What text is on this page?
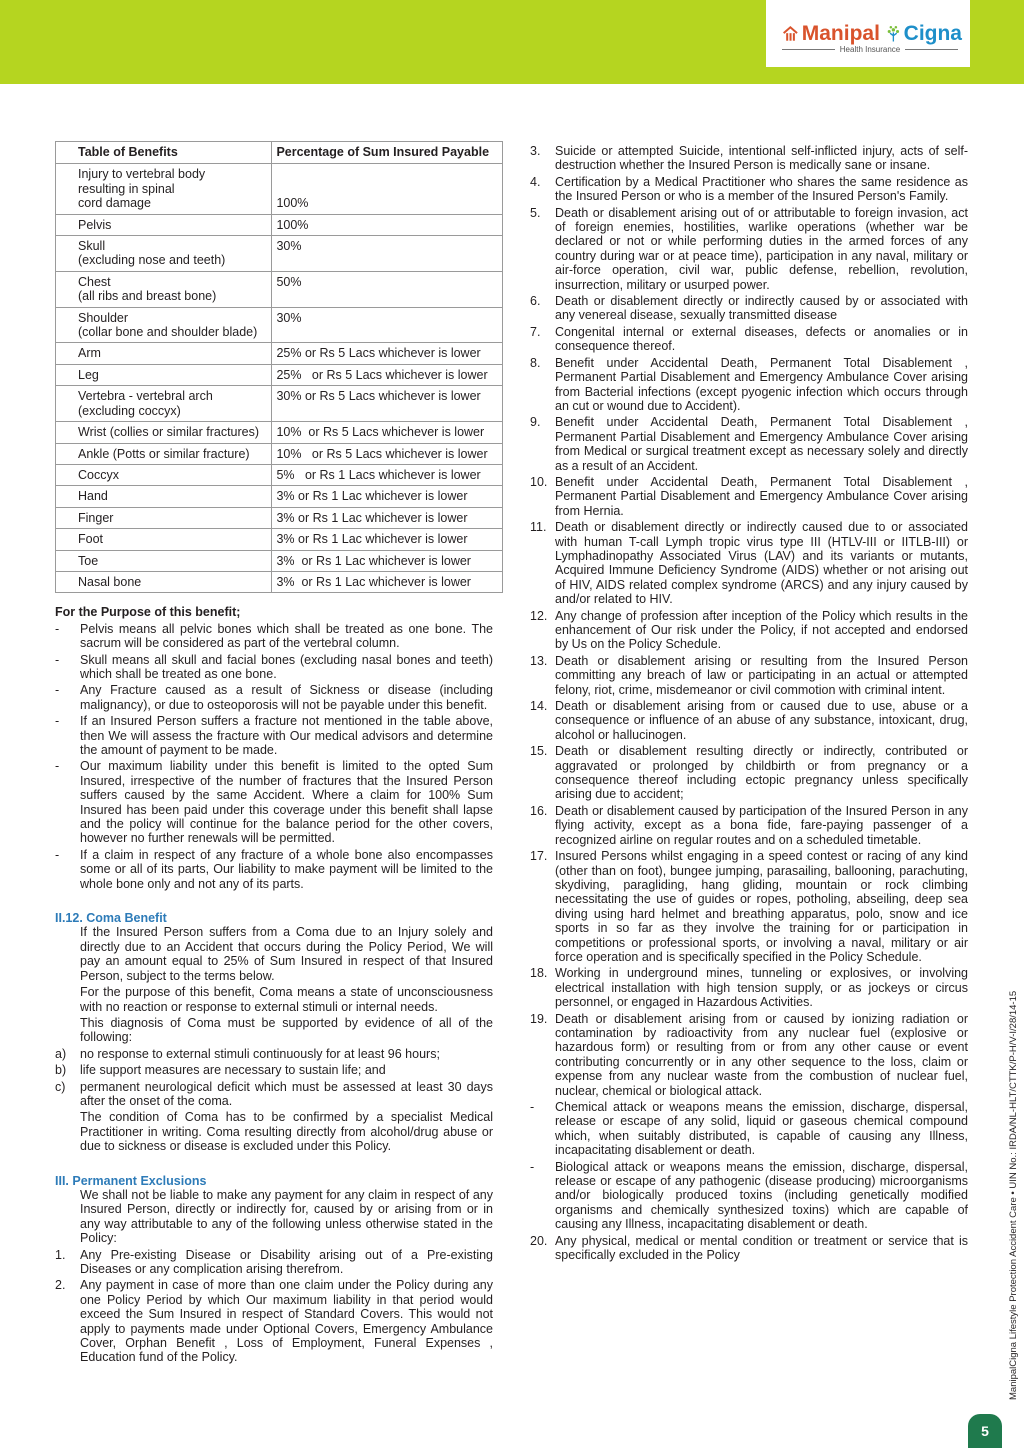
Manipal Cigna
Health Insurance
Table of Benefits	Percentage of Sum Insured Payable
Injury to vertebral body
resulting in spinal
cord damage	100%
Pelvis	100%
Skull
(excluding nose and teeth)	30%
Chest
(all ribs and breast bone)	50%
Shoulder
(collar bone and shoulder blade)	30%
Arm	25% or Rs 5 Lacs whichever is lower
Leg	25%   or Rs 5 Lacs whichever is lower
Vertebra - vertebral arch
(excluding coccyx)	30% or Rs 5 Lacs whichever is lower
Wrist (collies or similar fractures)	10%  or Rs 5 Lacs whichever is lower
Ankle (Potts or similar fracture)	10%   or Rs 5 Lacs whichever is lower
Coccyx	5%   or Rs 1 Lacs whichever is lower
Hand	3% or Rs 1 Lac whichever is lower
Finger	3% or Rs 1 Lac whichever is lower
Foot	3% or Rs 1 Lac whichever is lower
Toe	3%  or Rs 1 Lac whichever is lower
Nasal bone	3%  or Rs 1 Lac whichever is lower
For the Purpose of this benefit;
- Pelvis means all pelvic bones which shall be treated as one bone. The sacrum will be considered as part of the vertebral column.
- Skull means all skull and facial bones (excluding nasal bones and teeth) which shall be treated as one bone.
- Any Fracture caused as a result of Sickness or disease (including malignancy), or due to osteoporosis will not be payable under this benefit.
- If an Insured Person suffers a fracture not mentioned in the table above, then We will assess the fracture with Our medical advisors and determine the amount of payment to be made.
- Our maximum liability under this benefit is limited to the opted Sum Insured, irrespective of the number of fractures that the Insured Person suffers caused by the same Accident. Where a claim for 100% Sum Insured has been paid under this coverage under this benefit shall lapse and the policy will continue for the balance period for the other covers, however no further renewals will be permitted.
- If a claim in respect of any fracture of a whole bone also encompasses some or all of its parts, Our liability to make payment will be limited to the whole bone only and not any of its parts.
II.12. Coma Benefit
If the Insured Person suffers from a Coma due to an Injury solely and directly due to an Accident that occurs during the Policy Period, We will pay an amount equal to 25% of Sum Insured in respect of that Insured Person, subject to the terms below.
For the purpose of this benefit, Coma means a state of unconsciousness with no reaction or response to external stimuli or internal needs.
This diagnosis of Coma must be supported by evidence of all of the following:
a) no response to external stimuli continuously for at least 96 hours;
b) life support measures are necessary to sustain life; and
c) permanent neurological deficit which must be assessed at least 30 days after the onset of the coma.
The condition of Coma has to be confirmed by a specialist Medical Practitioner in writing. Coma resulting directly from alcohol/drug abuse or due to sickness or disease is excluded under this Policy.
III. Permanent Exclusions
We shall not be liable to make any payment for any claim in respect of any Insured Person, directly or indirectly for, caused by or arising from or in any way attributable to any of the following unless otherwise stated in the Policy:
1. Any Pre-existing Disease or Disability arising out of a Pre-existing Diseases or any complication arising therefrom.
2. Any payment in case of more than one claim under the Policy during any one Policy Period by which Our maximum liability in that period would exceed the Sum Insured in respect of Standard Covers. This would not apply to payments made under Optional Covers, Emergency Ambulance Cover, Orphan Benefit , Loss of Employment, Funeral Expenses , Education fund of the Policy.
3. Suicide or attempted Suicide, intentional self-inflicted injury, acts of self-destruction whether the Insured Person is medically sane or insane.
4. Certification by a Medical Practitioner who shares the same residence as the Insured Person or who is a member of the Insured Person's Family.
5. Death or disablement arising out of or attributable to foreign invasion, act of foreign enemies, hostilities, warlike operations (whether war be declared or not or while performing duties in the armed forces of any country during war or at peace time), participation in any naval, military or air-force operation, civil war, public defense, rebellion, revolution, insurrection, military or usurped power.
6. Death or disablement directly or indirectly caused by or associated with any venereal disease, sexually transmitted disease
7. Congenital internal or external diseases, defects or anomalies or in consequence thereof.
8. Benefit under Accidental Death, Permanent Total Disablement , Permanent Partial Disablement and Emergency Ambulance Cover arising from Bacterial infections (except pyogenic infection which occurs through an cut or wound due to Accident).
9. Benefit under Accidental Death, Permanent Total Disablement , Permanent Partial Disablement and Emergency Ambulance Cover arising from Medical or surgical treatment except as necessary solely and directly as a result of an Accident.
10. Benefit under Accidental Death, Permanent Total Disablement , Permanent Partial Disablement and Emergency Ambulance Cover arising from Hernia.
11. Death or disablement directly or indirectly caused due to or associated with human T-call Lymph tropic virus type III (HTLV-III or IITLB-III) or Lymphadinopathy Associated Virus (LAV) and its variants or mutants, Acquired Immune Deficiency Syndrome (AIDS) whether or not arising out of HIV, AIDS related complex syndrome (ARCS) and any injury caused by and/or related to HIV.
12. Any change of profession after inception of the Policy which results in the enhancement of Our risk under the Policy, if not accepted and endorsed by Us on the Policy Schedule.
13. Death or disablement arising or resulting from the Insured Person committing any breach of law or participating in an actual or attempted felony, riot, crime, misdemeanor or civil commotion with criminal intent.
14. Death or disablement arising from or caused due to use, abuse or a consequence or influence of an abuse of any substance, intoxicant, drug, alcohol or hallucinogen.
15. Death or disablement resulting directly or indirectly, contributed or aggravated or prolonged by childbirth or from pregnancy or a consequence thereof including ectopic pregnancy unless specifically arising due to accident;
16. Death or disablement caused by participation of the Insured Person in any flying activity, except as a bona fide, fare-paying passenger of a recognized airline on regular routes and on a scheduled timetable.
17. Insured Persons whilst engaging in a speed contest or racing of any kind (other than on foot), bungee jumping, parasailing, ballooning, parachuting, skydiving, paragliding, hang gliding, mountain or rock climbing necessitating the use of guides or ropes, potholing, abseiling, deep sea diving using hard helmet and breathing apparatus, polo, snow and ice sports in so far as they involve the training for or participation in competitions or professional sports, or involving a naval, military or air force operation and is specifically specified in the Policy Schedule.
18. Working in underground mines, tunneling or explosives, or involving electrical installation with high tension supply, or as jockeys or circus personnel, or engaged in Hazardous Activities.
19. Death or disablement arising from or caused by ionizing radiation or contamination by radioactivity from any nuclear fuel (explosive or hazardous form) or resulting from or from any other cause or event contributing concurrently or in any other sequence to the loss, claim or expense from any nuclear waste from the combustion of nuclear fuel, nuclear, chemical or biological attack.
- Chemical attack or weapons means the emission, discharge, dispersal, release or escape of any solid, liquid or gaseous chemical compound which, when suitably distributed, is capable of causing any Illness, incapacitating disablement or death.
- Biological attack or weapons means the emission, discharge, dispersal, release or escape of any pathogenic (disease producing) microorganisms and/or biologically produced toxins (including genetically modified organisms and chemically synthesized toxins) which are capable of causing any Illness, incapacitating disablement or death.
20. Any physical, medical or mental condition or treatment or service that is specifically excluded in the Policy	ManipalCigna Lifestyle Protection Accident Care • UIN No.: IRDA/NL-HLT/CTTK/P-H/V-I/28/14-15
5
